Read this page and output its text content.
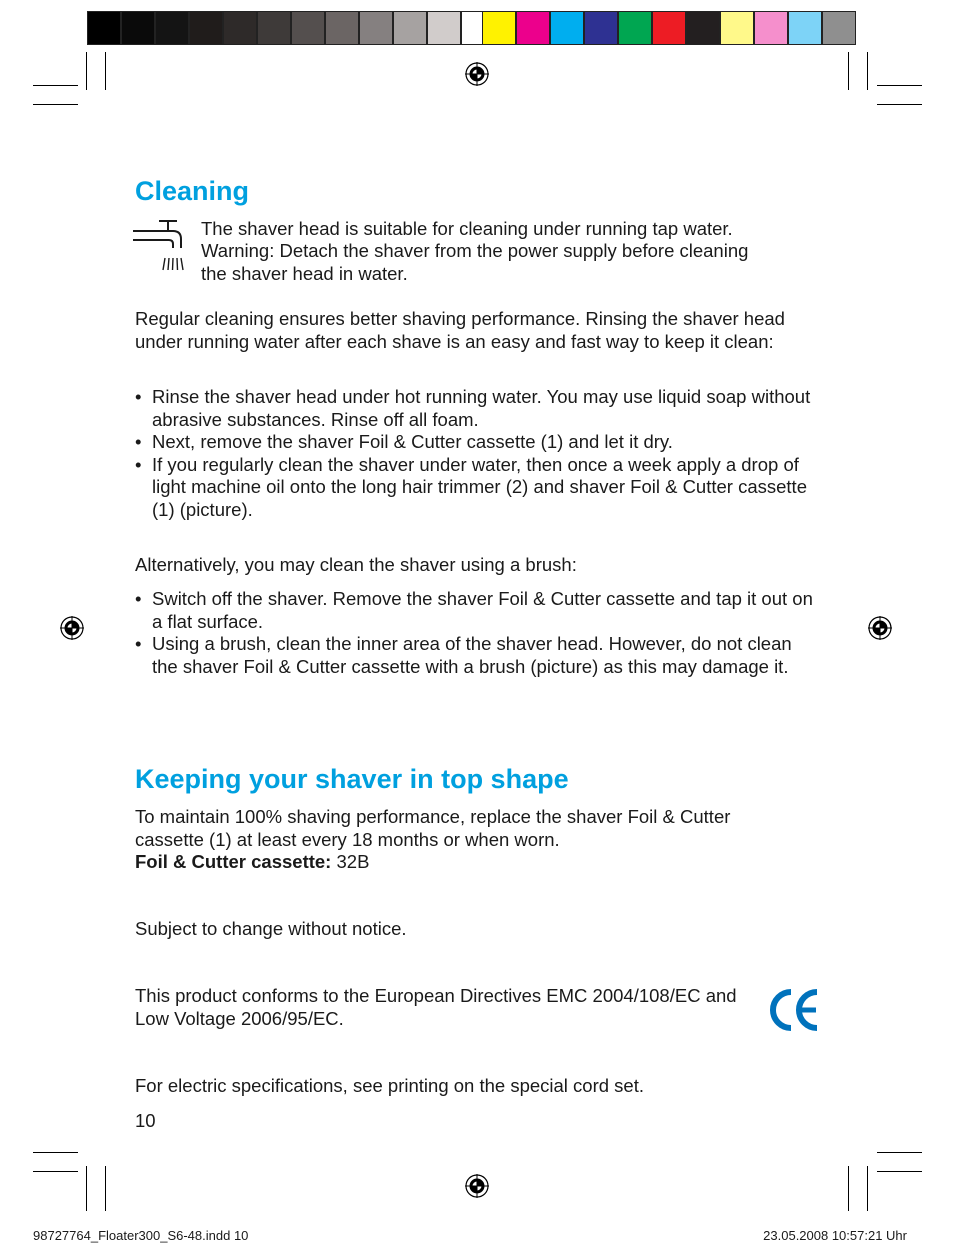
Cleaning

The shaver head is suitable for cleaning under running tap water.

Warning: Detach the shaver from the power supply before cleaning

the shaver head in water.

Regular cleaning ensures better shaving performance. Rinsing the shaver head under running water after each shave is an easy and fast way to keep it clean:

• Rinse the shaver head under hot running water. You may use liquid soap without abrasive substances. Rinse off all foam.
• Next, remove the shaver Foil & Cutter cassette (1) and let it dry.
• If you regularly clean the shaver under water, then once a week apply a drop of light machine oil onto the long hair trimmer (2) and shaver Foil & Cutter cassette (1) (picture).

Alternatively, you may clean the shaver using a brush:

• Switch off the shaver. Remove the shaver Foil & Cutter cassette and tap it out on a flat surface.
• Using a brush, clean the inner area of the shaver head. However, do not clean the shaver Foil & Cutter cassette with a brush (picture) as this may damage it.
Keeping your shaver in top shape

To maintain 100% shaving performance, replace the shaver Foil & Cutter cassette (1) at least every 18 months or when worn.

Foil & Cutter cassette: 32B

Subject to change without notice.

This product conforms to the European Directives EMC 2004/108/EC and Low Voltage 2006/95/EC.

For electric specifications, see printing on the special cord set.

10

98727764_Floater300_S6-48.indd 10	23.05.2008 10:57:21 Uhr
